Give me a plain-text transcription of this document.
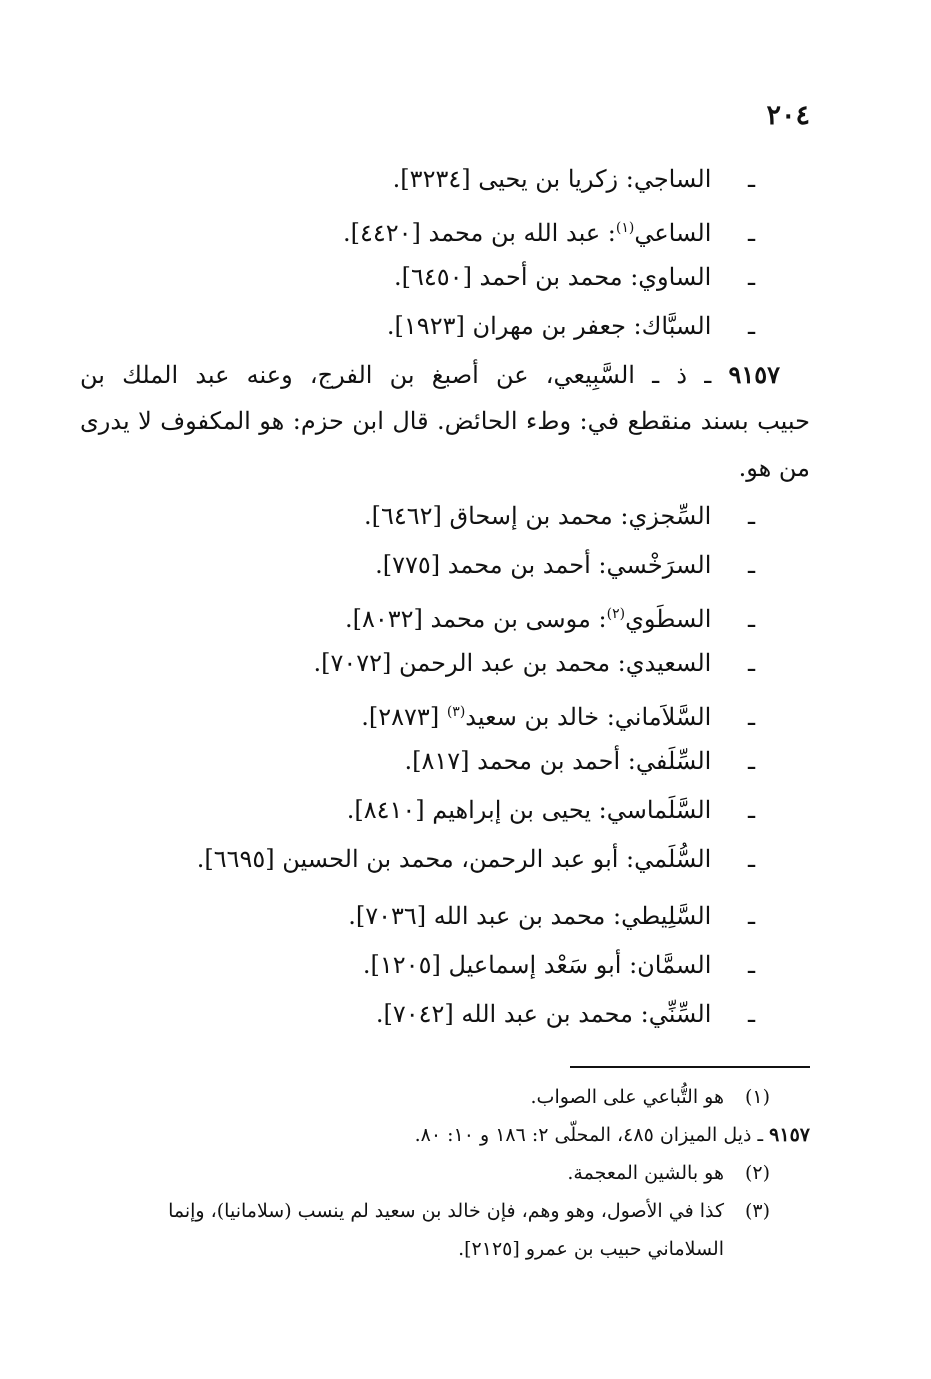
٢٠٤
ـ الساجي: زكريا بن يحيى [٣٢٣٤].
ـ الساعي$^{(١)}$: عبد الله بن محمد [٤٤٢٠].
ـ الساوي: محمد بن أحمد [٦٤٥٠].
ـ السبَّاك: جعفر بن مهران [١٩٢٣].
٩١٥٧ ـ ذ ـ السَّبِيعي، عن أصبغ بن الفرج، وعنه عبد الملك بن
حبيب بسند منقطع في: وطء الحائض. قال ابن حزم: هو المكفوف لا يدرى
من هو.
ـ السِّجزي: محمد بن إسحاق [٦٤٦٢].
ـ السرَخْسي: أحمد بن محمد [٧٧٥].
ـ السطَوي$^{(٢)}$: موسى بن محمد [٨٠٣٢].
ـ السعيدي: محمد بن عبد الرحمن [٧٠٧٢].
ـ السَّلاَماني: خالد بن سعيد$^{(٣)}$ [٢٨٧٣].
ـ السِّلَفي: أحمد بن محمد [٨١٧].
ـ السَّلَماسي: يحيى بن إبراهيم [٨٤١٠].
ـ السُّلَمي: أبو عبد الرحمن، محمد بن الحسين [٦٦٩٥].
ـ السَّلِيطي: محمد بن عبد الله [٧٠٣٦].
ـ السمَّان: أبو سَعْد إسماعيل [١٢٠٥].
ـ السِّنِّي: محمد بن عبد الله [٧٠٤٢].
(١)هو التُّباعي على الصواب.
٩١٥٧ ـ ذيل الميزان ٤٨٥، المحلّى ٢: ١٨٦ و ١٠: ٨٠.
(٢)هو بالشين المعجمة.
(٣)كذا في الأصول، وهو وهم، فإن خالد بن سعيد لم ينسب (سلامانيا)، وإنما
السلاماني حبيب بن عمرو [٢١٢٥].
